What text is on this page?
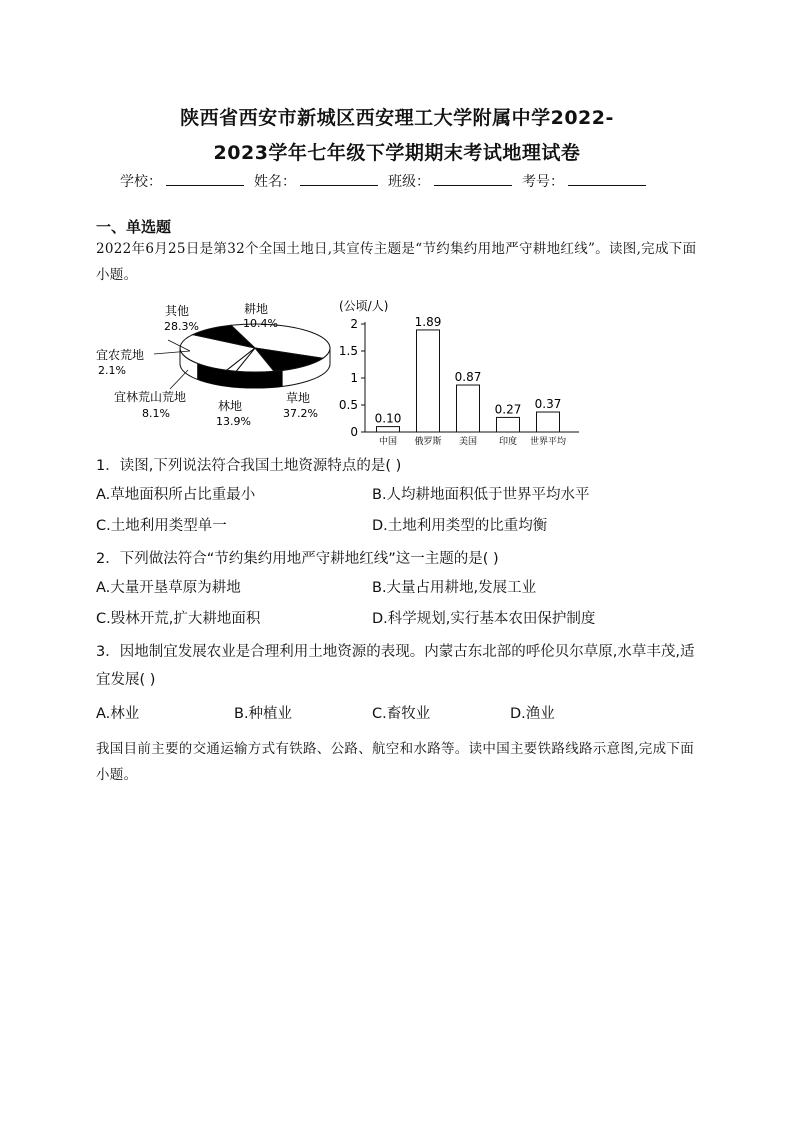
陕西省西安市新城区西安理工大学附属中学2022-
2023学年七年级下学期期末考试地理试卷
学校：	姓名：	班级：	考号：
一、单选题
2022年6月25日是第32个全国土地日,其宣传主题是“节约集约用地严守耕地红线”。读图,完成下面小题。
其他
28.3%
耕地
10.4%
宜农荒地
2.1%
宜林荒山荒地
8.1%
林地
13.9%
草地
37.2%
(公顷/人)
0
0.5
1
1.5
2
0.10
中国
1.89
俄罗斯
0.87
美国
0.27
印度
0.37
世界平均
1．读图,下列说法符合我国土地资源特点的是( )
A.草地面积所占比重最小	B.人均耕地面积低于世界平均水平
C.土地利用类型单一	D.土地利用类型的比重均衡
2．下列做法符合“节约集约用地严守耕地红线”这一主题的是( )
A.大量开垦草原为耕地	B.大量占用耕地,发展工业
C.毁林开荒,扩大耕地面积	D.科学规划,实行基本农田保护制度
3．因地制宜发展农业是合理利用土地资源的表现。内蒙古东北部的呼伦贝尔草原,水草丰茂,适宜发展( )
A.林业	B.种植业	C.畜牧业	D.渔业
我国目前主要的交通运输方式有铁路、公路、航空和水路等。读中国主要铁路线路示意图,完成下面小题。
